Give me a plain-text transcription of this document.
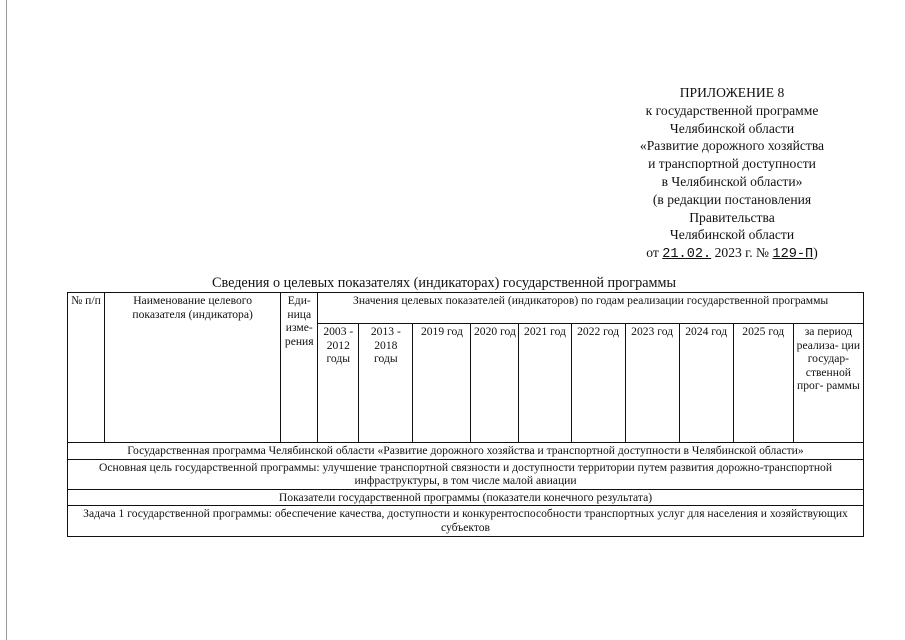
ПРИЛОЖЕНИЕ 8
к государственной программе
Челябинской области
«Развитие дорожного хозяйства
и транспортной доступности
в Челябинской области»
(в редакции постановления
Правительства
Челябинской области
от 21.02. 2023 г. № 129-П)
Сведения о целевых показателях (индикаторах) государственной программы
№ п/п	Наименование целевого показателя (индикатора)	Еди- ница изме- рения	Значения целевых показателей (индикаторов) по годам реализации государственной программы									
			2003 - 2012 годы	2013 - 2018 годы	2019 год	2020 год	2021 год	2022 год	2023 год	2024 год	2025 год	за период реализа- ции государ- ственной прог- раммы
Государственная программа Челябинской области «Развитие дорожного хозяйства и транспортной доступности в Челябинской области»												
Основная цель государственной программы: улучшение транспортной связности и доступности территории путем развития дорожно-транспортной инфраструктуры, в том числе малой авиации												
Показатели государственной программы (показатели конечного результата)												
Задача 1 государственной программы: обеспечение качества, доступности и конкурентоспособности транспортных услуг для населения и хозяйствующих субъектов												
